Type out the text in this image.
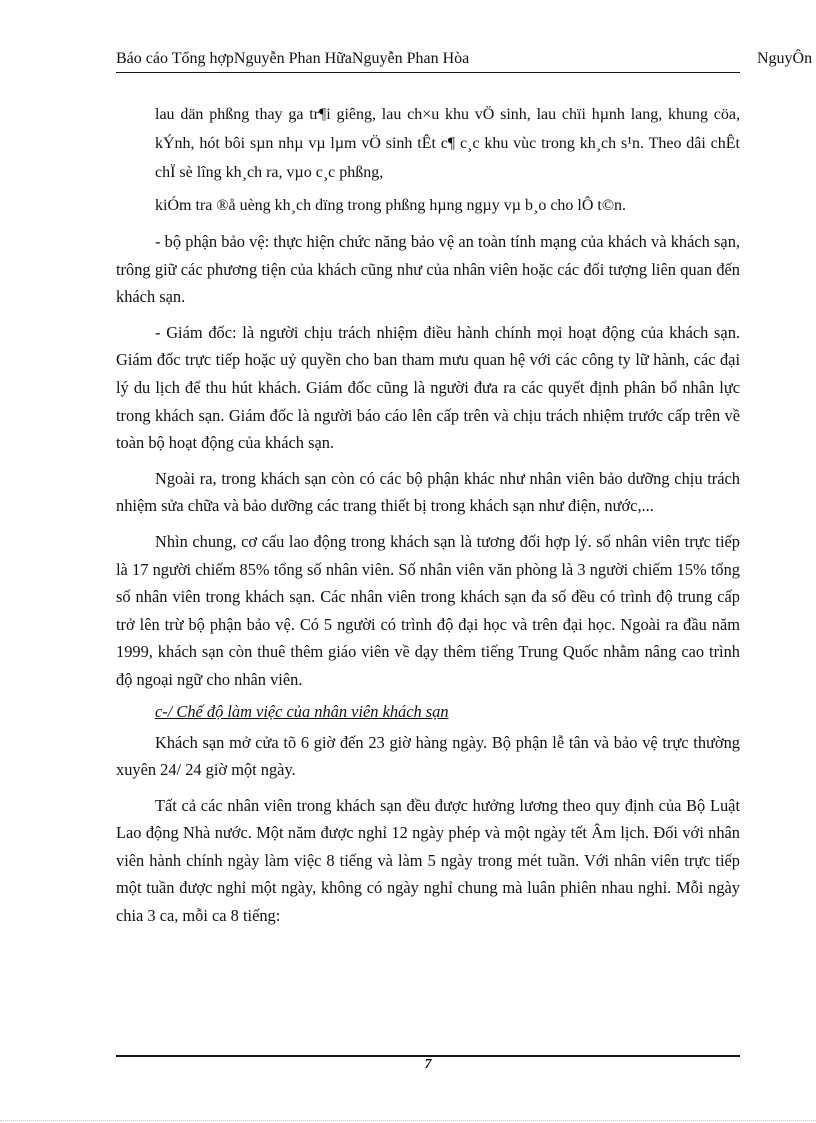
Báo cáo Tổng hợpNguyễn Phan HữaNguyễn Phan Hòa	NguyÔn

lau dän phßng thay ga tr¶i giêng, lau ch×u khu vÖ sinh, lau chïi hµnh lang, khung cöa, kÝnh, hót bôi sµn nhµ vµ lµm vÖ sinh tÊt c¶ c¸c khu vùc trong kh¸ch s¹n. Theo dâi chÊt chÏ sè lîng kh¸ch ra, vµo c¸c phßng,

kiÓm tra ®å uèng kh¸ch dïng trong phßng hµng ngµy vµ b¸o cho lÔ t©n.

- bộ phận bảo vệ: thực hiện chức năng bảo vệ an toàn tính mạng của khách và khách sạn, trông giữ các phương tiện của khách cũng như của nhân viên hoặc các đối tượng liên quan đến khách sạn.

- Giám đốc: là người chịu trách nhiệm điều hành chính mọi hoạt động của khách sạn. Giám đốc trực tiếp hoặc uỷ quyền cho ban tham mưu quan hệ với các công ty lữ hành, các đại lý du lịch để thu hút khách. Giám đốc cũng là người đưa ra các quyết định phân bổ nhân lực trong khách sạn. Giám đốc là người báo cáo lên cấp trên và chịu trách nhiệm trước cấp trên về toàn bộ hoạt động của khách sạn.

Ngoài ra, trong khách sạn còn có các bộ phận khác như nhân viên bảo dưỡng chịu trách nhiệm sửa chữa và bảo dưỡng các trang thiết bị trong khách sạn như điện, nước,...

Nhìn chung, cơ cấu lao động trong khách sạn là tương đối hợp lý. số nhân viên trực tiếp là 17 người chiếm 85% tổng số nhân viên. Số nhân viên văn phòng là 3 người chiếm 15% tổng số nhân viên trong khách sạn. Các nhân viên trong khách sạn đa số đều có trình độ trung cấp trở lên trừ bộ phận bảo vệ. Có 5 người có trình độ đại học và trên đại học. Ngoài ra đầu năm 1999, khách sạn còn thuê thêm giáo viên về dạy thêm tiếng Trung Quốc nhằm nâng cao trình độ ngoại ngữ cho nhân viên.

c-/ Chế độ làm việc của nhân viên khách sạn

Khách sạn mở cửa tõ 6 giờ đến 23 giờ hàng ngày. Bộ phận lễ tân và bảo vệ trực thường xuyên 24/ 24 giờ một ngày.

Tất cả các nhân viên trong khách sạn đều được hưởng lương theo quy định của Bộ Luật Lao động Nhà nước. Một năm được nghỉ 12 ngày phép và một ngày tết Âm lịch. Đối với nhân viên hành chính ngày làm việc 8 tiếng và làm 5 ngày trong mét tuần. Với nhân viên trực tiếp một tuần được nghỉ một ngày, không có ngày nghỉ chung mà luân phiên nhau nghỉ. Mỗi ngày chia 3 ca, mỗi ca 8 tiếng:

7
